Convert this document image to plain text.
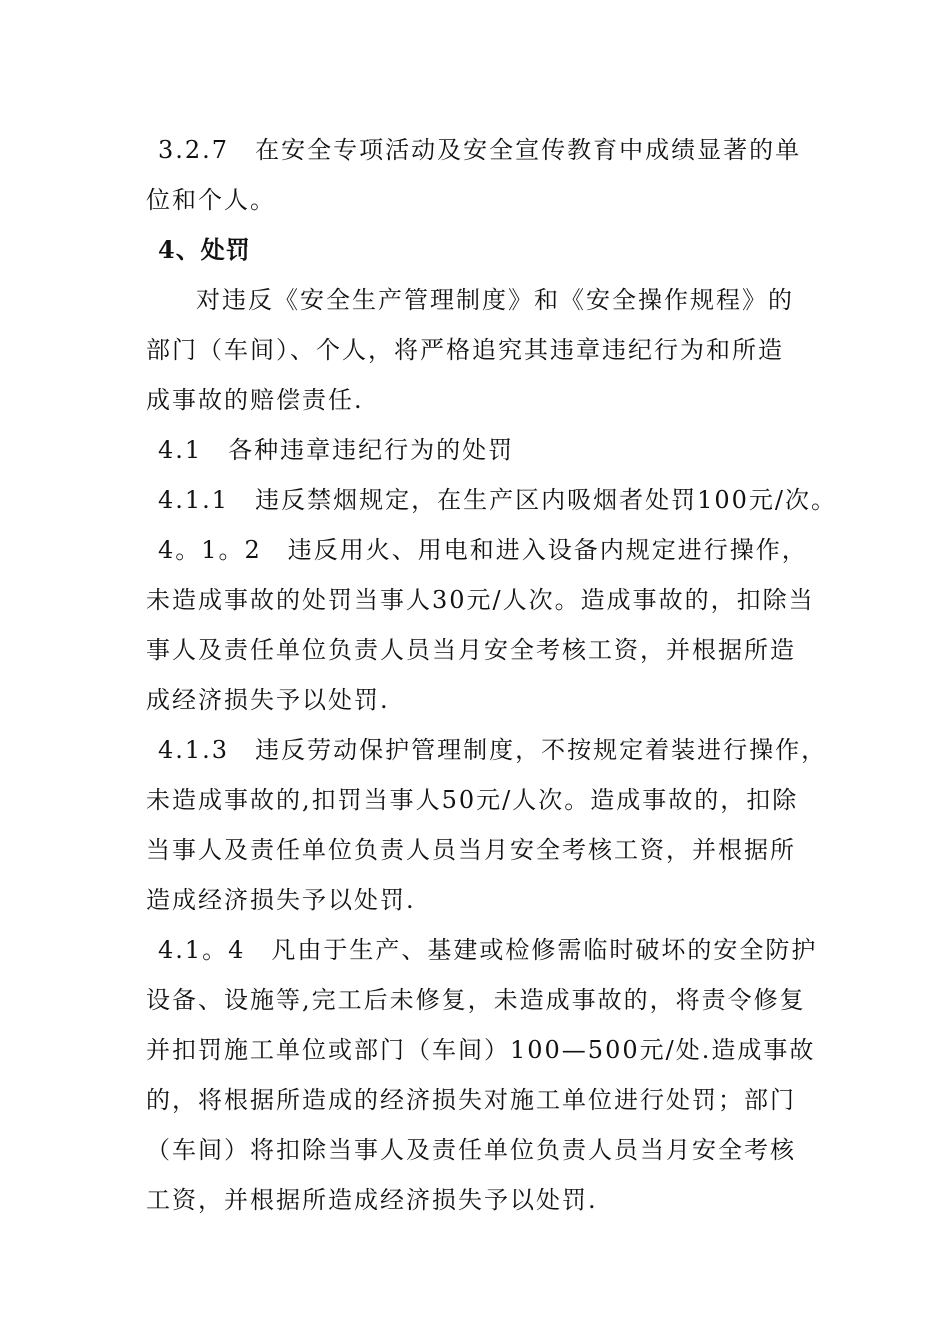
3.2.7　在安全专项活动及安全宣传教育中成绩显著的单
位和个人。
4、处罚
对违反《安全生产管理制度》和《安全操作规程》的
部门（车间）、个人，将严格追究其违章违纪行为和所造
成事故的赔偿责任.
4.1　各种违章违纪行为的处罚
4.1.1　违反禁烟规定，在生产区内吸烟者处罚100元/次。
4。1。2　违反用火、用电和进入设备内规定进行操作，
未造成事故的处罚当事人30元/人次。造成事故的，扣除当
事人及责任单位负责人员当月安全考核工资，并根据所造
成经济损失予以处罚.
4.1.3　违反劳动保护管理制度，不按规定着装进行操作，
未造成事故的,扣罚当事人50元/人次。造成事故的，扣除
当事人及责任单位负责人员当月安全考核工资，并根据所
造成经济损失予以处罚.
4.1。4　凡由于生产、基建或检修需临时破坏的安全防护
设备、设施等,完工后未修复，未造成事故的，将责令修复
并扣罚施工单位或部门（车间）100—500元/处.造成事故
的，将根据所造成的经济损失对施工单位进行处罚；部门
（车间）将扣除当事人及责任单位负责人员当月安全考核
工资，并根据所造成经济损失予以处罚.
